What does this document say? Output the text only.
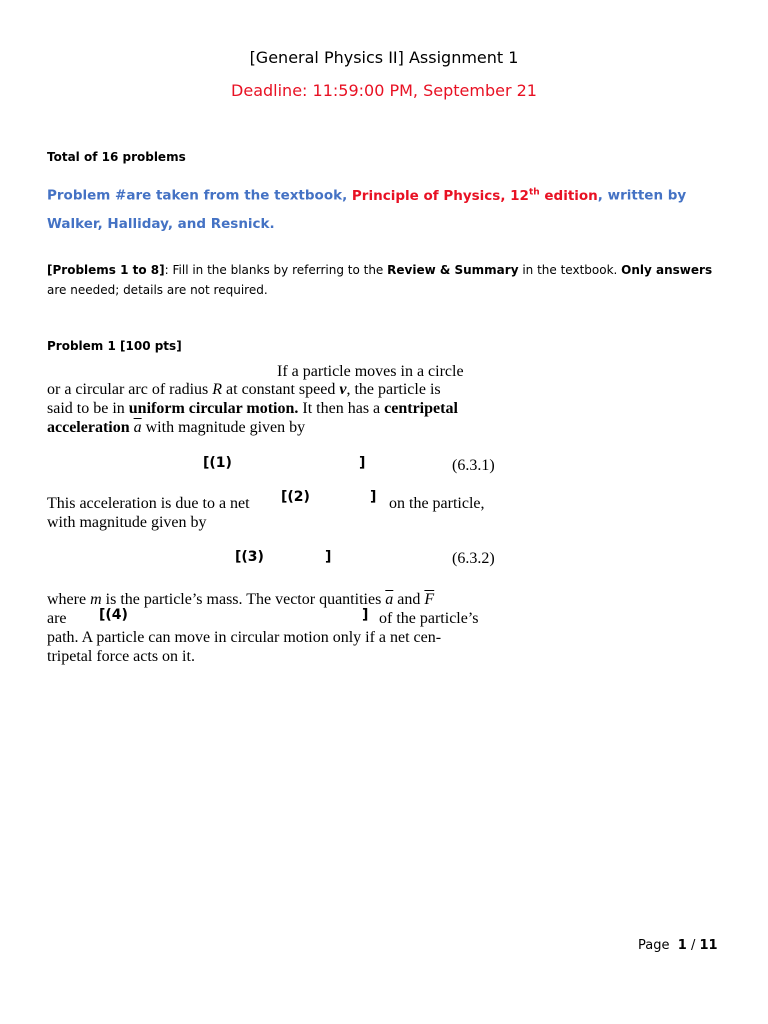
[General Physics II] Assignment 1
Deadline: 11:59:00 PM, September 21
Total of 16 problems
Problem #are taken from the textbook, Principle of Physics, 12th edition, written by
Walker, Halliday, and Resnick.
[Problems 1 to 8]: Fill in the blanks by referring to the Review & Summary in the textbook. Only answers
are needed; details are not required.
Problem 1 [100 pts]
If a particle moves in a circle
or a circular arc of radius R at constant speed v, the particle is
said to be in uniform circular motion. It then has a centripetal
acceleration $\overline{a}$ with magnitude given by
[(1)	]	(6.3.1)
This acceleration is due to a net [(2)	] on the particle,
with magnitude given by
[(3)	]	(6.3.2)
where m is the particle’s mass. The vector quantities $\overline{a}$ and $\overline{F}$
are [(4)	] of the particle’s
path. A particle can move in circular motion only if a net cen-
tripetal force acts on it.
Page 1 / 11
